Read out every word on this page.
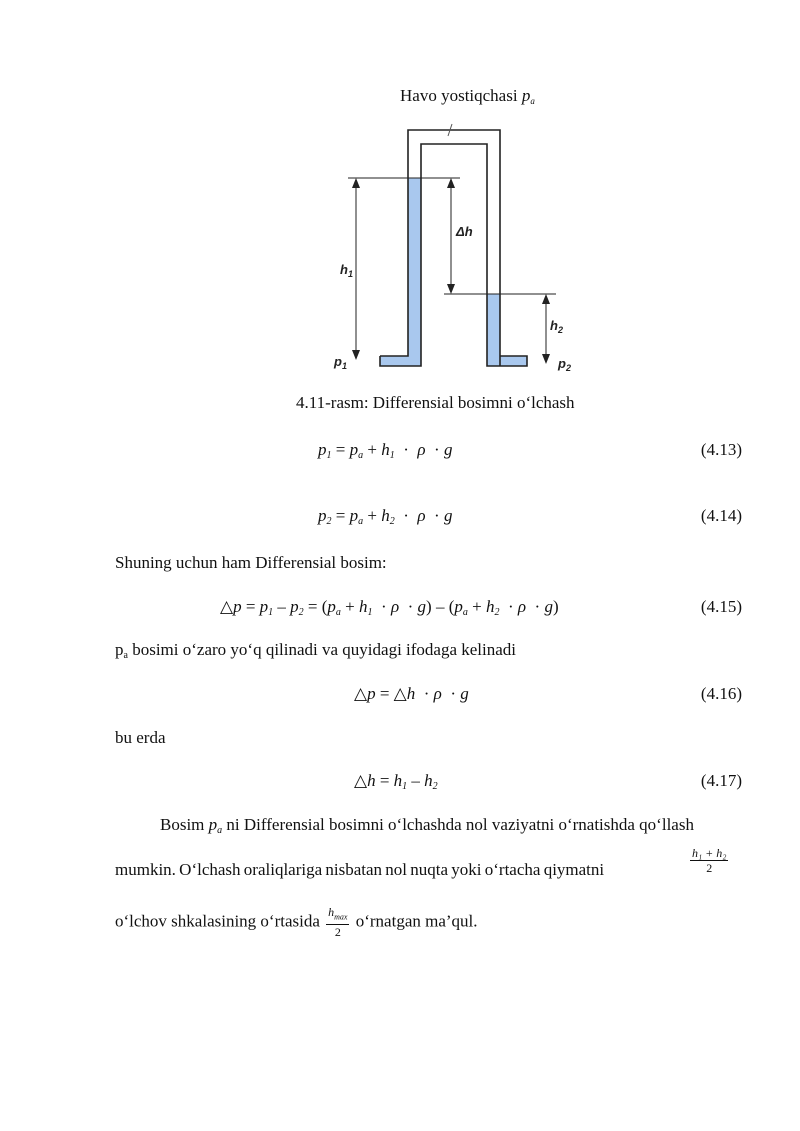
Havo yostiqchasi $p_a$
$h_1$
Δh
$h_2$
$p_1$	$p_2$
4.11-rasm: Differensial bosimni o‘lchash
$p_1 = p_a + h_1 \cdot \rho \cdot g$	(4.13)
$p_2 = p_a + h_2 \cdot \rho \cdot g$	(4.14)
Shuning uchun ham Differensial bosim:
△p = $p_1 - p_2 = (p_a + h_1 \cdot \rho \cdot g) - (p_a + h_2 \cdot \rho \cdot g)$	(4.15)
$p_a$ bosimi o‘zaro yo‘q qilinadi va quyidagi ifodaga kelinadi
△p = △h  · ρ  · g	(4.16)
bu erda
△h = $h_1 - h_2$	(4.17)
Bosim $p_a$ ni Differensial bosimni o‘lchashda nol vaziyatni o‘rnatishda qo‘llash
mumkin. O‘lchash oraliqlariga nisbatan nol nuqta yoki o‘rtacha qiymatni	$\frac{\text{h₁ + h₂}}{2}$
o‘lchov shkalasining o‘rtasida $\frac{h_{max}}{2}$ o‘rnatgan ma’qul.
